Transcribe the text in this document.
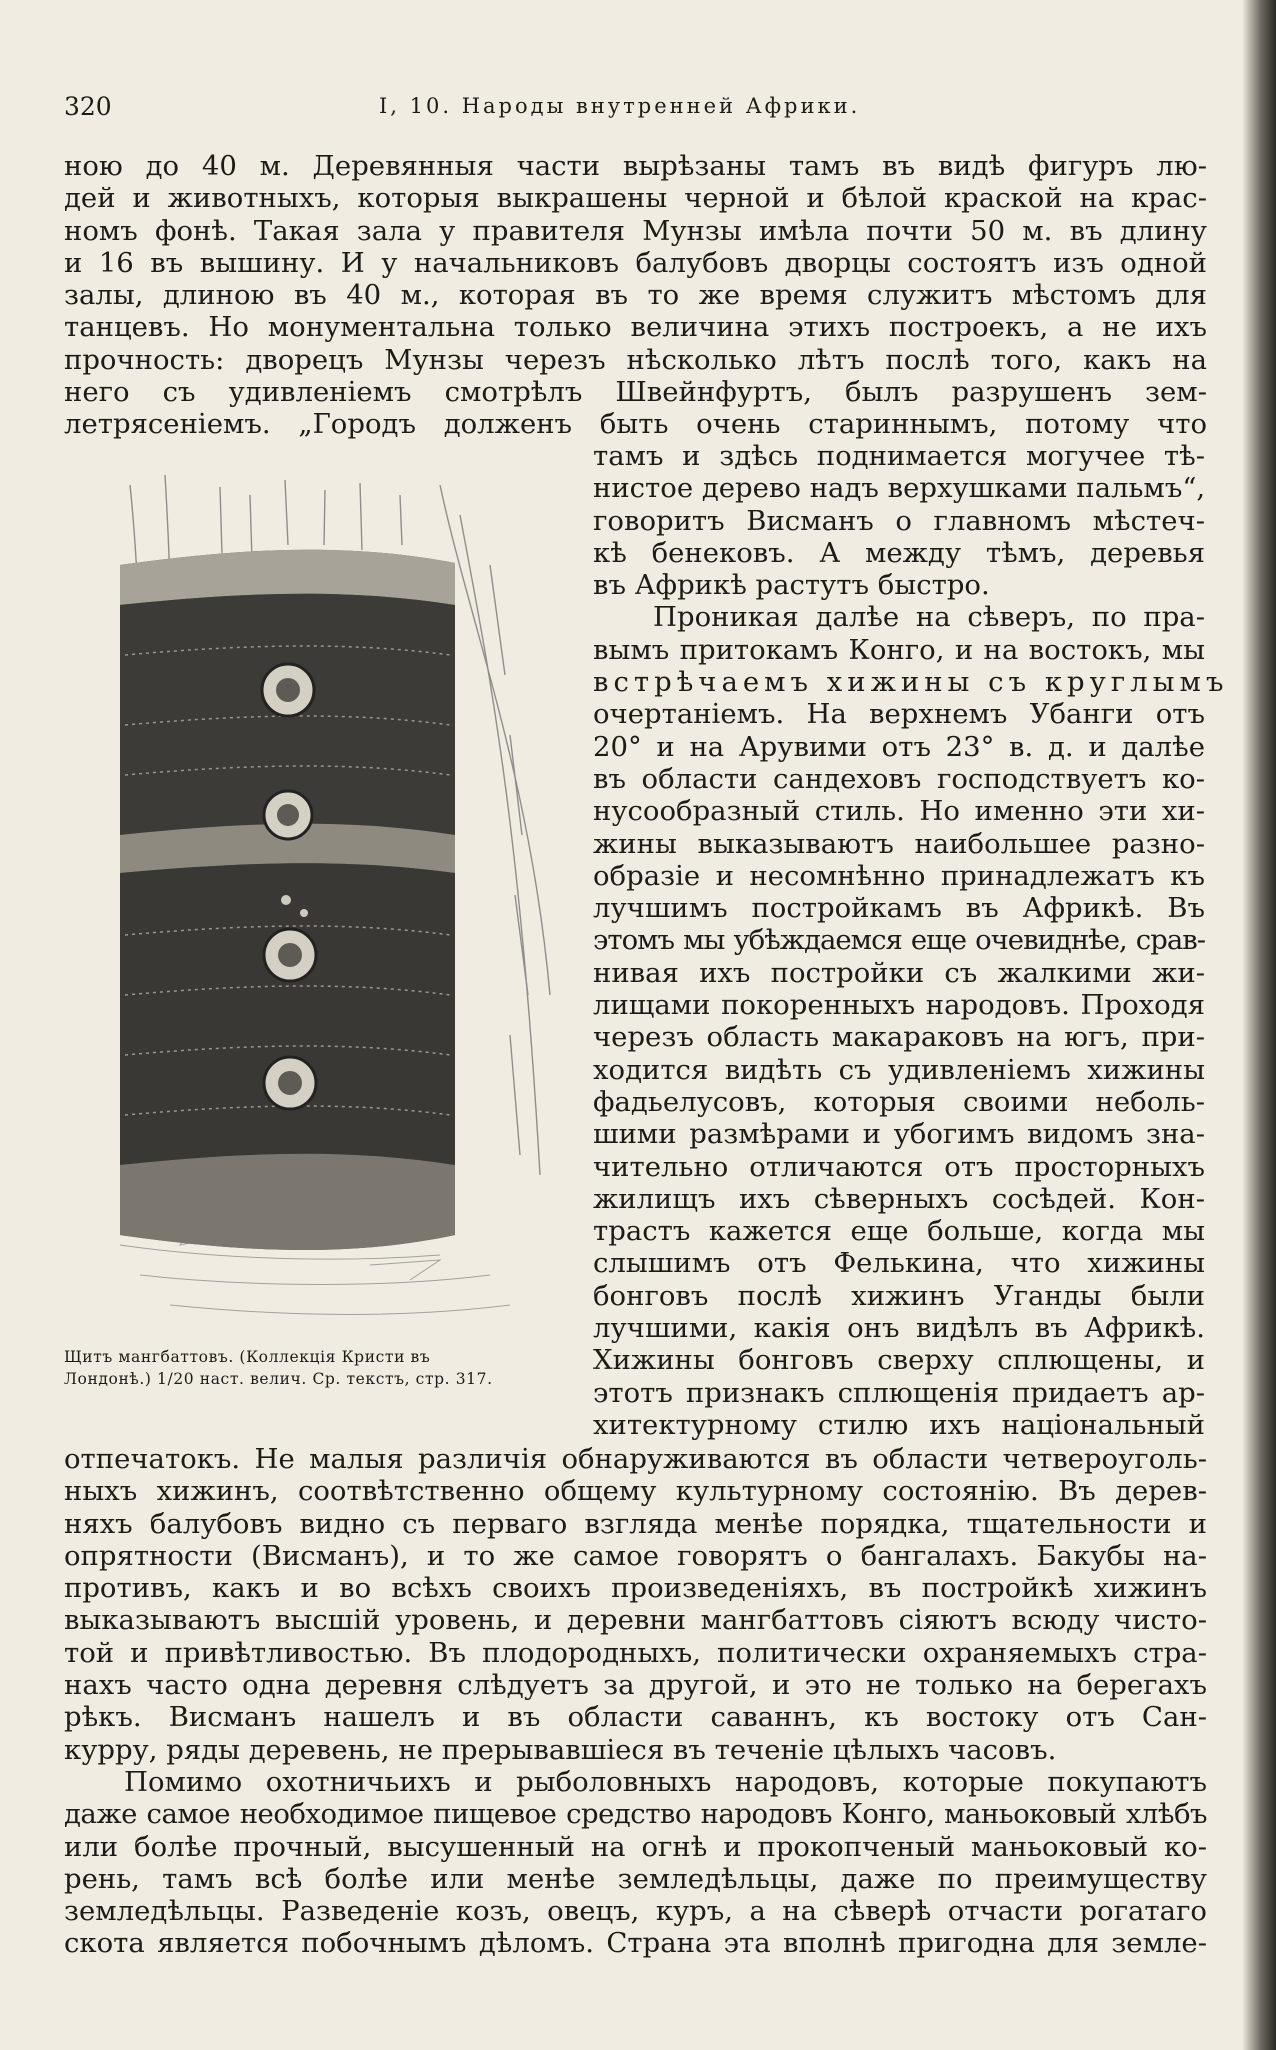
320	I, 10. Народы внутренней Африки.
ною до 40 м. Деревянныя части вырѣзаны тамъ въ видѣ фигуръ лю-
дей и животныхъ, которыя выкрашены черной и бѣлой краской на крас-
номъ фонѣ. Такая зала у правителя Мунзы имѣла почти 50 м. въ длину
и 16 въ вышину. И у начальниковъ балубовъ дворцы состоятъ изъ одной
залы, длиною въ 40 м., которая въ то же время служитъ мѣстомъ для
танцевъ. Но монументальна только величина этихъ построекъ, а не ихъ
прочность: дворецъ Мунзы черезъ нѣсколько лѣтъ послѣ того, какъ на
него съ удивленіемъ смотрѣлъ Швейнфуртъ, былъ разрушенъ зем-
летрясеніемъ. „Городъ долженъ быть очень стариннымъ, потому что
тамъ и здѣсь поднимается могучее тѣ-
нистое дерево надъ верхушками пальмъ“,
говоритъ Висманъ о главномъ мѣстеч-
кѣ бенековъ. А между тѣмъ, деревья
въ Африкѣ растутъ быстро.
Проникая далѣе на сѣверъ, по пра-
вымъ притокамъ Конго, и на востокъ, мы
встрѣчаемъ хижины съ круглымъ
очертаніемъ. На верхнемъ Убанги отъ
20° и на Арувими отъ 23° в. д. и далѣе
въ области сандеховъ господствуетъ ко-
нусообразный стиль. Но именно эти хи-
жины выказываютъ наибольшее разно-
образіе и несомнѣнно принадлежатъ къ
лучшимъ постройкамъ въ Африкѣ. Въ
этомъ мы убѣждаемся еще очевиднѣе, срав-
нивая ихъ постройки съ жалкими жи-
лищами покоренныхъ народовъ. Проходя
черезъ область макараковъ на югъ, при-
ходится видѣть съ удивленіемъ хижины
фадьелусовъ, которыя своими неболь-
шими размѣрами и убогимъ видомъ зна-
чительно отличаются отъ просторныхъ
жилищъ ихъ сѣверныхъ сосѣдей. Кон-
трастъ кажется еще больше, когда мы
слышимъ отъ Фелькина, что хижины
бонговъ послѣ хижинъ Уганды были
лучшими, какія онъ видѣлъ въ Африкѣ.
Хижины бонговъ сверху сплющены, и
этотъ признакъ сплющенія придаетъ ар-
хитектурному стилю ихъ національный
Щитъ мангбаттовъ. (Коллекція Кристи въ
Лондонѣ.) 1/20 наст. велич. Ср. текстъ, стр. 317.
отпечатокъ. Не малыя различія обнаруживаются въ области четвероуголь-
ныхъ хижинъ, соотвѣтственно общему культурному состоянію. Въ дерев-
няхъ балубовъ видно съ перваго взгляда менѣе порядка, тщательности и
опрятности (Висманъ), и то же самое говорятъ о бангалахъ. Бакубы на-
противъ, какъ и во всѣхъ своихъ произведеніяхъ, въ постройкѣ хижинъ
выказываютъ высшій уровень, и деревни мангбаттовъ сіяютъ всюду чисто-
той и привѣтливостью. Въ плодородныхъ, политически охраняемыхъ стра-
нахъ часто одна деревня слѣдуетъ за другой, и это не только на берегахъ
рѣкъ. Висманъ нашелъ и въ области саваннъ, къ востоку отъ Сан-
курру, ряды деревень, не прерывавшіеся въ теченіе цѣлыхъ часовъ.
Помимо охотничьихъ и рыболовныхъ народовъ, которые покупаютъ
даже самое необходимое пищевое средство народовъ Конго, маньоковый хлѣбъ
или болѣе прочный, высушенный на огнѣ и прокопченый маньоковый ко-
рень, тамъ всѣ болѣе или менѣе земледѣльцы, даже по преимуществу
земледѣльцы. Разведеніе козъ, овецъ, куръ, а на сѣверѣ отчасти рогатаго
скота является побочнымъ дѣломъ. Страна эта вполнѣ пригодна для земле-
